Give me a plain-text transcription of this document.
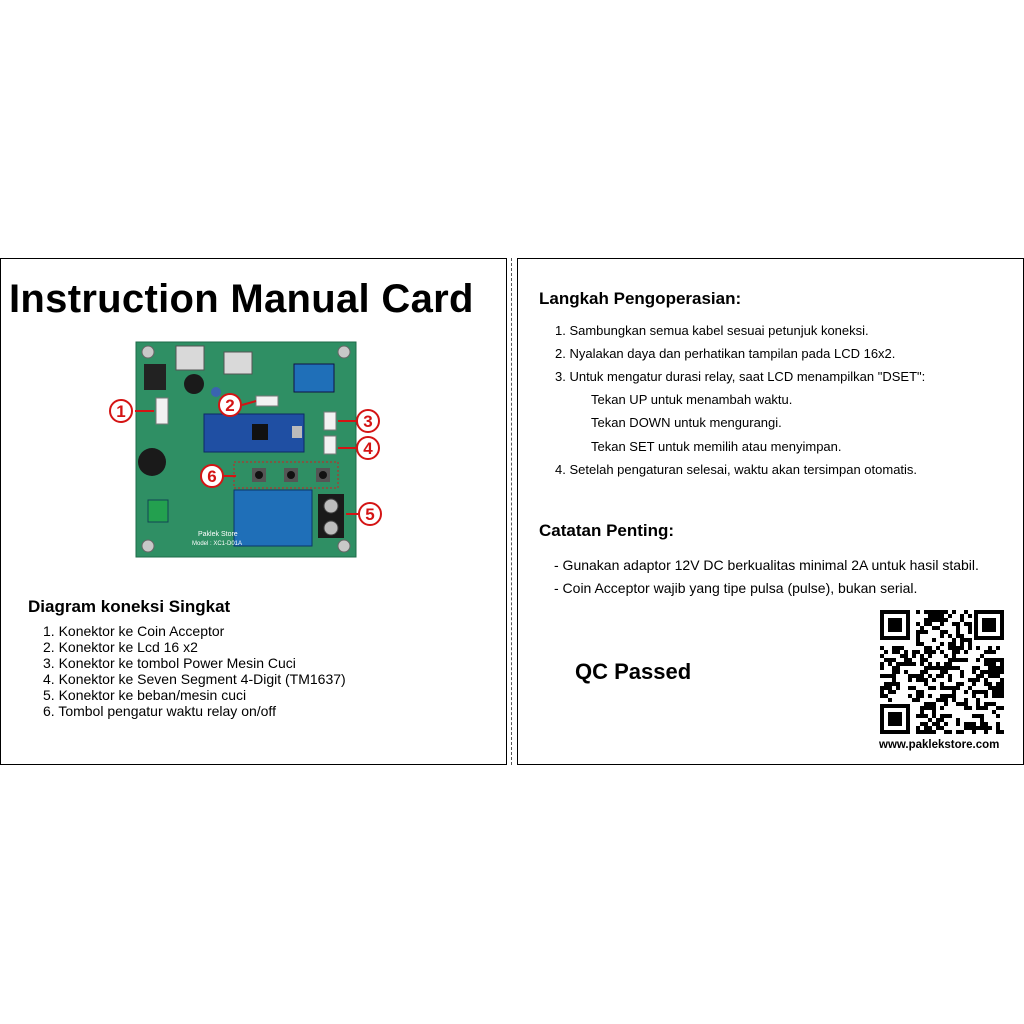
Instruction Manual Card
Paklek Store
Model : XC1-D01A
1	2
3
4
5
6
Diagram koneksi Singkat
1. Konektor ke Coin Acceptor
2. Konektor ke Lcd 16 x2
3. Konektor ke tombol Power Mesin Cuci
4. Konektor ke Seven Segment 4-Digit (TM1637)
5. Konektor ke beban/mesin cuci
6. Tombol pengatur waktu relay on/off
Langkah Pengoperasian:
1. Sambungkan semua kabel sesuai petunjuk koneksi.
2. Nyalakan daya dan perhatikan tampilan pada LCD 16x2.
3. Untuk mengatur durasi relay, saat LCD menampilkan "DSET":
Tekan UP untuk menambah waktu.
Tekan DOWN untuk mengurangi.
Tekan SET untuk memilih atau menyimpan.
4. Setelah pengaturan selesai, waktu akan tersimpan otomatis.
Catatan Penting:
- Gunakan adaptor 12V DC berkualitas minimal 2A untuk hasil stabil.
- Coin Acceptor wajib yang tipe pulsa (pulse), bukan serial.
QC Passed
www.paklekstore.com
